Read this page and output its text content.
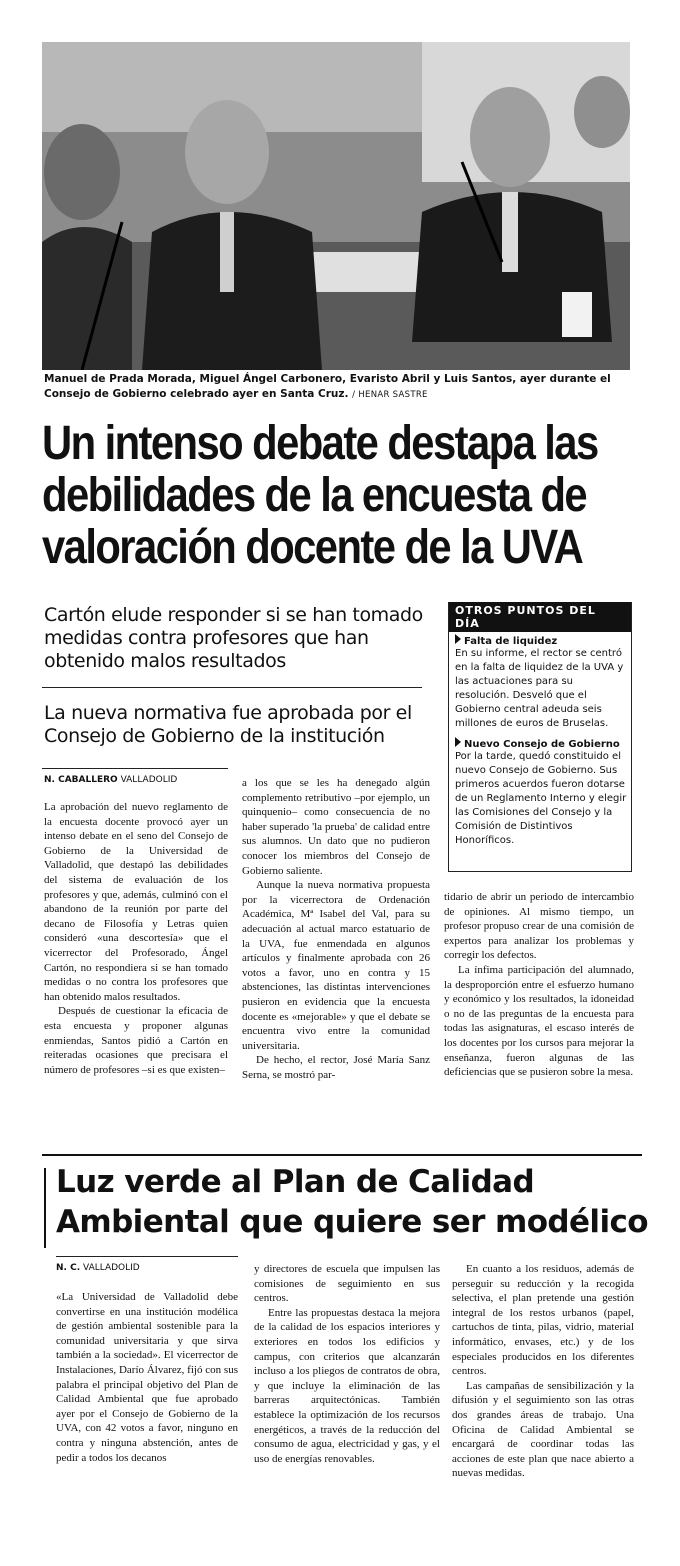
Manuel de Prada Morada, Miguel Ángel Carbonero, Evaristo Abril y Luis Santos, ayer durante el Consejo de Gobierno celebrado ayer en Santa Cruz. / HENAR SASTRE
Un intenso debate destapa las debilidades de la encuesta de valoración docente de la UVA
Cartón elude responder si se han tomado medidas contra profesores que han obtenido malos resultados
La nueva normativa fue aprobada por el Consejo de Gobierno de la institución
N. CABALLERO VALLADOLID

La aprobación del nuevo reglamento de la encuesta docente provocó ayer un intenso debate en el seno del Consejo de Gobierno de la Universidad de Valladolid, que destapó las debilidades del sistema de evaluación de los profesores y que, además, culminó con el abandono de la reunión por parte del decano de Filosofía y Letras quien consideró «una descortesía» que el vicerrector del Profesorado, Ángel Cartón, no respondiera si se han tomado medidas o no contra los profesores que han obtenido malos resultados.

Después de cuestionar la eficacia de esta encuesta y proponer algunas enmiendas, Santos pidió a Cartón en reiteradas ocasiones que precisara el número de profesores –si es que existen–

a los que se les ha denegado algún complemento retributivo –por ejemplo, un quinquenio– como consecuencia de no haber superado 'la prueba' de calidad entre sus alumnos. Un dato que no pudieron conocer los miembros del Consejo de Gobierno saliente.

Aunque la nueva normativa propuesta por la vicerrectora de Ordenación Académica, Mª Isabel del Val, para su adecuación al actual marco estatuario de la UVA, fue enmendada en algunos artículos y finalmente aprobada con 26 votos a favor, uno en contra y 15 abstenciones, las distintas intervenciones pusieron en evidencia que la encuesta docente es «mejorable» y que el debate se encuentra vivo entre la comunidad universitaria.

De hecho, el rector, José María Sanz Serna, se mostró par-

tidario de abrir un periodo de intercambio de opiniones. Al mismo tiempo, un profesor propuso crear de una comisión de expertos para analizar los problemas y corregir los defectos.

La ínfima participación del alumnado, la desproporción entre el esfuerzo humano y económico y los resultados, la idoneidad o no de las preguntas de la encuesta para todas las asignaturas, el escaso interés de los docentes por los cursos para mejorar la enseñanza, fueron algunas de las deficiencias que se pusieron sobre la mesa.

OTROS PUNTOS DEL DÍA
Falta de liquidez
En su informe, el rector se centró en la falta de liquidez de la UVA y las actuaciones para su resolución. Desveló que el Gobierno central adeuda seis millones de euros de Bruselas.
Nuevo Consejo de Gobierno
Por la tarde, quedó constituido el nuevo Consejo de Gobierno. Sus primeros acuerdos fueron dotarse de un Reglamento Interno y elegir las Comisiones del Consejo y la Comisión de Distintivos Honoríficos.
Luz verde al Plan de Calidad Ambiental que quiere ser modélico
N. C. VALLADOLID

«La Universidad de Valladolid debe convertirse en una institución modélica de gestión ambiental sostenible para la comunidad universitaria y que sirva también a la sociedad». El vicerrector de Instalaciones, Darío Álvarez, fijó con sus palabra el principal objetivo del Plan de Calidad Ambiental que fue aprobado ayer por el Consejo de Gobierno de la UVA, con 42 votos a favor, ninguno en contra y ninguna abstención, antes de pedir a todos los decanos

y directores de escuela que impulsen las comisiones de seguimiento en sus centros.

Entre las propuestas destaca la mejora de la calidad de los espacios interiores y exteriores en todos los edificios y campus, con criterios que alcanzarán incluso a los pliegos de contratos de obra, y que incluye la eliminación de las barreras arquitectónicas. También establece la optimización de los recursos energéticos, a través de la reducción del consumo de agua, electricidad y gas, y el uso de energías renovables.

En cuanto a los residuos, además de perseguir su reducción y la recogida selectiva, el plan pretende una gestión integral de los restos urbanos (papel, cartuchos de tinta, pilas, vidrio, material informático, envases, etc.) y de los especiales producidos en los diferentes centros.

Las campañas de sensibilización y la difusión y el seguimiento son las otras dos grandes áreas de trabajo. Una Oficina de Calidad Ambiental se encargará de coordinar todas las acciones de este plan que nace abierto a nuevas medidas.
